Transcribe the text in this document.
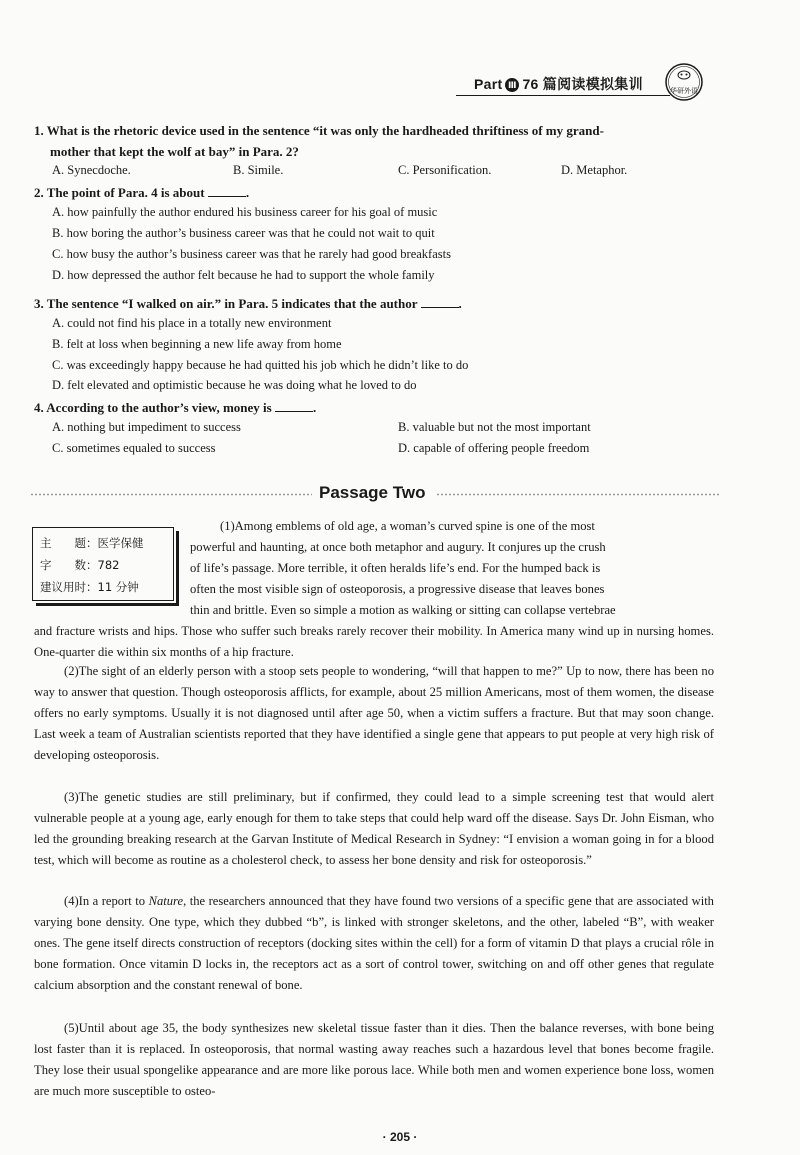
Part Ⅲ 76 篇阅读模拟集训	华研外语
1. What is the rhetoric device used in the sentence “it was only the hardheaded thriftiness of my grand-
mother that kept the wolf at bay” in Para. 2?
A. Synecdoche.	B. Simile.	C. Personification.	D. Metaphor.
2. The point of Para. 4 is about	.
A. how painfully the author endured his business career for his goal of music
B. how boring the author’s business career was that he could not wait to quit
C. how busy the author’s business career was that he rarely had good breakfasts
D. how depressed the author felt because he had to support the whole family
3. The sentence “I walked on air.” in Para. 5 indicates that the author	.
A. could not find his place in a totally new environment
B. felt at loss when beginning a new life away from home
C. was exceedingly happy because he had quitted his job which he didn’t like to do
D. felt elevated and optimistic because he was doing what he loved to do
4. According to the author’s view, money is	.
A. nothing but impediment to success	B. valuable but not the most important
C. sometimes equaled to success	D. capable of offering people freedom
Passage Two
主　　题：医学保健
字　　数：782
建议用时：11 分钟
(1)Among emblems of old age, a woman’s curved spine is one of the most
powerful and haunting, at once both metaphor and augury. It conjures up the crush
of life’s passage. More terrible, it often heralds life’s end. For the humped back is
often the most visible sign of osteoporosis, a progressive disease that leaves bones
thin and brittle. Even so simple a motion as walking or sitting can collapse vertebrae
and fracture wrists and hips. Those who suffer such breaks rarely recover their mobility. In America many wind up in nursing homes. One-quarter die within six months of a hip fracture.
(2)The sight of an elderly person with a stoop sets people to wondering, “will that happen to me?” Up to now, there has been no way to answer that question. Though osteoporosis afflicts, for example, about 25 million Americans, most of them women, the disease offers no early symptoms. Usually it is not diagnosed until after age 50, when a victim suffers a fracture. But that may soon change. Last week a team of Australian scientists reported that they have identified a single gene that appears to put people at very high risk of developing osteoporosis.
(3)The genetic studies are still preliminary, but if confirmed, they could lead to a simple screening test that would alert vulnerable people at a young age, early enough for them to take steps that could help ward off the disease. Says Dr. John Eisman, who led the grounding breaking research at the Garvan Institute of Medical Research in Sydney: “I envision a woman going in for a blood test, which will become as routine as a cholesterol check, to assess her bone density and risk for osteoporosis.”
(4)In a report to Nature, the researchers announced that they have found two versions of a specific gene that are associated with varying bone density. One type, which they dubbed “b”, is linked with stronger skeletons, and the other, labeled “B”, with weaker ones. The gene itself directs construction of receptors (docking sites within the cell) for a form of vitamin D that plays a crucial rôle in bone formation. Once vitamin D locks in, the receptors act as a sort of control tower, switching on and off other genes that regulate calcium absorption and the constant renewal of bone.
(5)Until about age 35, the body synthesizes new skeletal tissue faster than it dies. Then the balance reverses, with bone being lost faster than it is replaced. In osteoporosis, that normal wasting away reaches such a hazardous level that bones become fragile. They lose their usual spongelike appearance and are more like porous lace. While both men and women experience bone loss, women are much more susceptible to osteo-
· 205 ·
